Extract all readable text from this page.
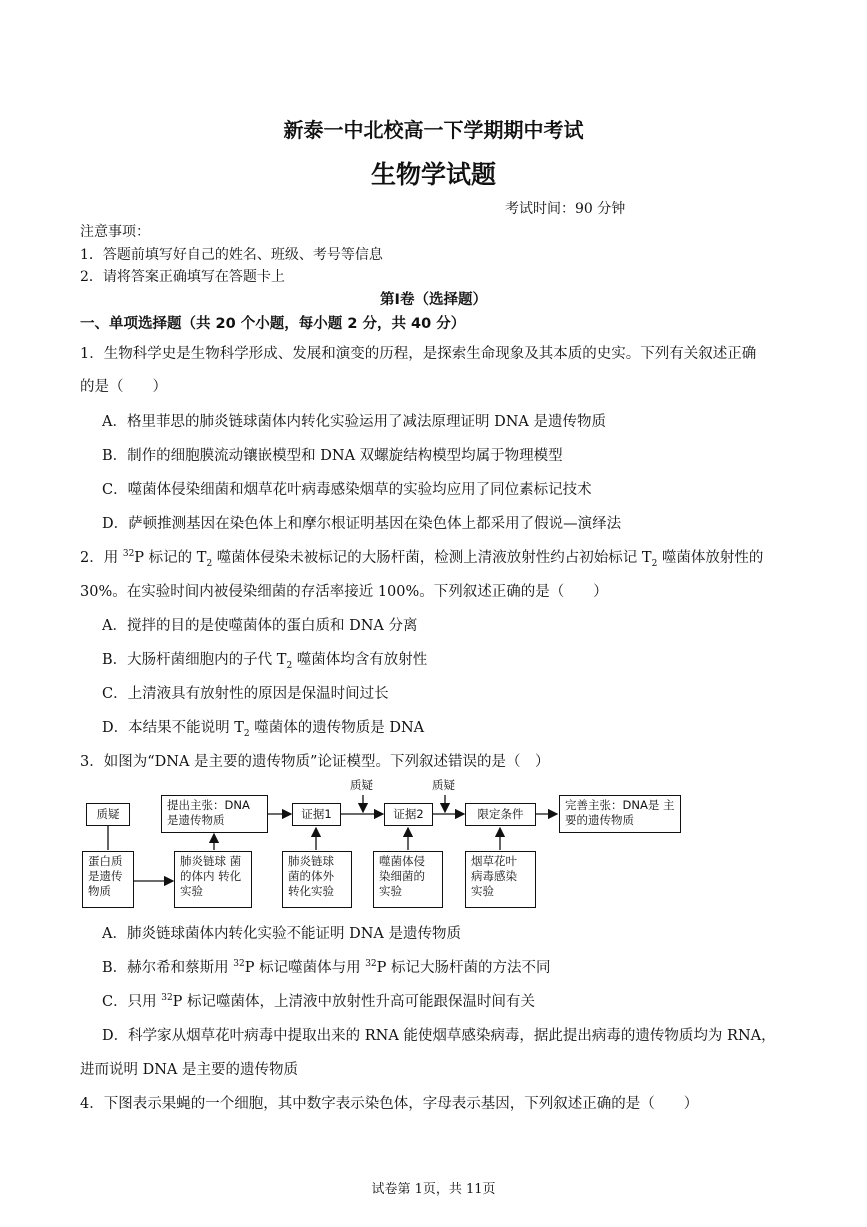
新泰一中北校高一下学期期中考试
生物学试题
考试时间：90 分钟
注意事项：
1．答题前填写好自己的姓名、班级、考号等信息
2．请将答案正确填写在答题卡上
第Ⅰ卷（选择题）
一、单项选择题（共 20 个小题，每小题 2 分，共 40 分）
1．生物科学史是生物科学形成、发展和演变的历程，是探索生命现象及其本质的史实。下列有关叙述正确
的是（　　）
A．格里菲思的肺炎链球菌体内转化实验运用了减法原理证明 DNA 是遗传物质
B．制作的细胞膜流动镶嵌模型和 DNA 双螺旋结构模型均属于物理模型
C．噬菌体侵染细菌和烟草花叶病毒感染烟草的实验均应用了同位素标记技术
D．萨顿推测基因在染色体上和摩尔根证明基因在染色体上都采用了假说—演绎法
2．用 $^{32}$P 标记的 $T_2$ 噬菌体侵染未被标记的大肠杆菌，检测上清液放射性约占初始标记 $T_2$ 噬菌体放射性的
30%。在实验时间内被侵染细菌的存活率接近 100%。下列叙述正确的是（　　）
A．搅拌的目的是使噬菌体的蛋白质和 DNA 分离
B．大肠杆菌细胞内的子代 $T_2$ 噬菌体均含有放射性
C．上清液具有放射性的原因是保温时间过长
D．本结果不能说明 $T_2$ 噬菌体的遗传物质是 DNA
3．如图为“DNA 是主要的遗传物质”论证模型。下列叙述错误的是（　）
质疑
提出主张：DNA 是遗传物质	证据1	证据2	限定条件
完善主张：DNA是 主要的遗传物质
质疑	质疑
蛋白质 是遗传 物质
肺炎链球 菌的体内 转化实验
肺炎链球 菌的体外 转化实验
噬菌体侵 染细菌的 实验
烟草花叶 病毒感染 实验
A．肺炎链球菌体内转化实验不能证明 DNA 是遗传物质
B．赫尔希和蔡斯用 $^{32}$P 标记噬菌体与用 $^{32}$P 标记大肠杆菌的方法不同
C．只用 $^{32}$P 标记噬菌体，上清液中放射性升高可能跟保温时间有关
D．科学家从烟草花叶病毒中提取出来的 RNA 能使烟草感染病毒，据此提出病毒的遗传物质均为 RNA，
进而说明 DNA 是主要的遗传物质
4．下图表示果蝇的一个细胞，其中数字表示染色体，字母表示基因，下列叙述正确的是（　　）
试卷第 1页，共 11页
